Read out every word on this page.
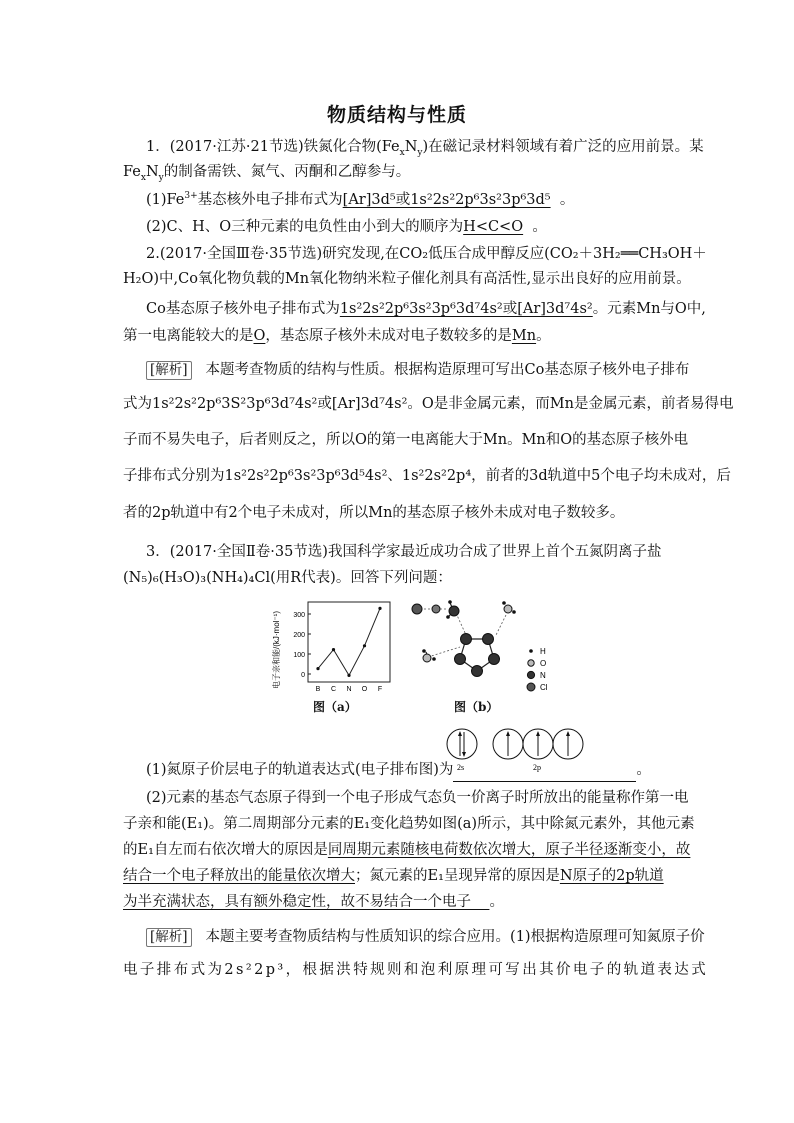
物质结构与性质
1．(2017·江苏·21节选)铁氮化合物$(Fe_xN_y)$在磁记录材料领域有着广泛的应用前景。某
$Fe_xN_y$的制备需铁、氮气、丙酮和乙醇参与。
$(1)Fe^{3+}$基态核外电子排布式为[Ar]3d⁵或1s²2s²2p⁶3s²3p⁶3d⁵ 。
(2)C、H、O三种元素的电负性由小到大的顺序为H<C<O 。
2.(2017·全国Ⅲ卷·35节选)研究发现,在CO₂低压合成甲醇反应(CO₂＋3H₂══CH₃OH＋
H₂O)中,Co氧化物负载的Mn氧化物纳米粒子催化剂具有高活性,显示出良好的应用前景。
Co基态原子核外电子排布式为1s²2s²2p⁶3s²3p⁶3d⁷4s²或[Ar]3d⁷4s²。元素Mn与O中,
第一电离能较大的是O，基态原子核外未成对电子数较多的是Mn。
[解析] 本题考查物质的结构与性质。根据构造原理可写出Co基态原子核外电子排布
式为1s²2s²2p⁶3S²3p⁶3d⁷4s²或[Ar]3d⁷4s²。O是非金属元素，而Mn是金属元素，前者易得电
子而不易失电子，后者则反之，所以O的第一电离能大于Mn。Mn和O的基态原子核外电
子排布式分别为1s²2s²2p⁶3s²3p⁶3d⁵4s²、1s²2s²2p⁴，前者的3d轨道中5个电子均未成对，后
者的2p轨道中有2个电子未成对，所以Mn的基态原子核外未成对电子数较多。
3．(2017·全国Ⅱ卷·35节选)我国科学家最近成功合成了世界上首个五氮阴离子盐
(N₅)₆(H₃O)₃(NH₄)₄Cl(用R代表)。回答下列问题：
电子亲和能/(kJ·mol⁻¹)	0
100
200
300
B C N O F
图（a）
H
O
N
Cl
图（b）
(1)氮原子价层电子的轨道表达式(电子排布图)为	。
2s	2p
(2)元素的基态气态原子得到一个电子形成气态负一价离子时所放出的能量称作第一电
子亲和能(E₁)。第二周期部分元素的E₁变化趋势如图(a)所示，其中除氮元素外，其他元素
的E₁自左而右依次增大的原因是同周期元素随核电荷数依次增大，原子半径逐渐变小，故
结合一个电子释放出的能量依次增大；氮元素的E₁呈现异常的原因是N原子的2p轨道
为半充满状态，具有额外稳定性，故不易结合一个电子 。
[解析] 本题主要考查物质结构与性质知识的综合应用。(1)根据构造原理可知氮原子价
电子排布式为2s²2p³，根据洪特规则和泡利原理可写出其价电子的轨道表达式
